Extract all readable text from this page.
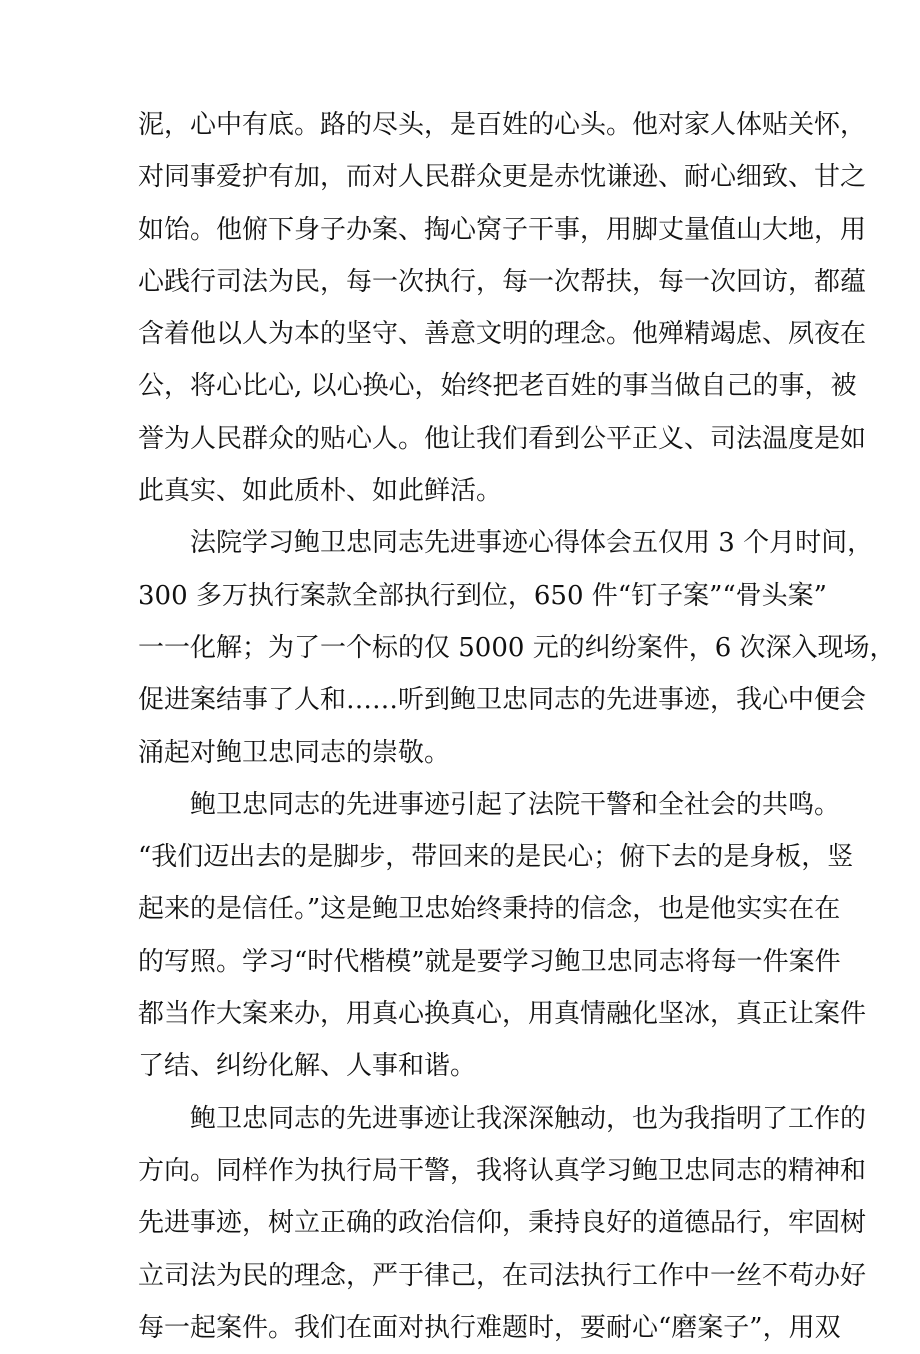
泥，心中有底。路的尽头，是百姓的心头。他对家人体贴关怀，
对同事爱护有加，而对人民群众更是赤忱谦逊、耐心细致、甘之
如饴。他俯下身子办案、掏心窝子干事，用脚丈量值山大地，用
心践行司法为民，每一次执行，每一次帮扶，每一次回访，都蕴
含着他以人为本的坚守、善意文明的理念。他殚精竭虑、夙夜在
公，将心比心, 以心换心，始终把老百姓的事当做自己的事，被
誉为人民群众的贴心人。他让我们看到公平正义、司法温度是如
此真实、如此质朴、如此鲜活。
法院学习鲍卫忠同志先进事迹心得体会五仅用 3 个月时间，
300 多万执行案款全部执行到位，650 件“钉子案”“骨头案”
一一化解；为了一个标的仅 5000 元的纠纷案件，6 次深入现场，
促进案结事了人和……听到鲍卫忠同志的先进事迹，我心中便会
涌起对鲍卫忠同志的崇敬。
鲍卫忠同志的先进事迹引起了法院干警和全社会的共鸣。
“我们迈出去的是脚步，带回来的是民心；俯下去的是身板，竖
起来的是信任。”这是鲍卫忠始终秉持的信念，也是他实实在在
的写照。学习“时代楷模”就是要学习鲍卫忠同志将每一件案件
都当作大案来办，用真心换真心，用真情融化坚冰，真正让案件
了结、纠纷化解、人事和谐。
鲍卫忠同志的先进事迹让我深深触动，也为我指明了工作的
方向。同样作为执行局干警，我将认真学习鲍卫忠同志的精神和
先进事迹，树立正确的政治信仰，秉持良好的道德品行，牢固树
立司法为民的理念，严于律己，在司法执行工作中一丝不苟办好
每一起案件。我们在面对执行难题时，要耐心“磨案子”，用双
